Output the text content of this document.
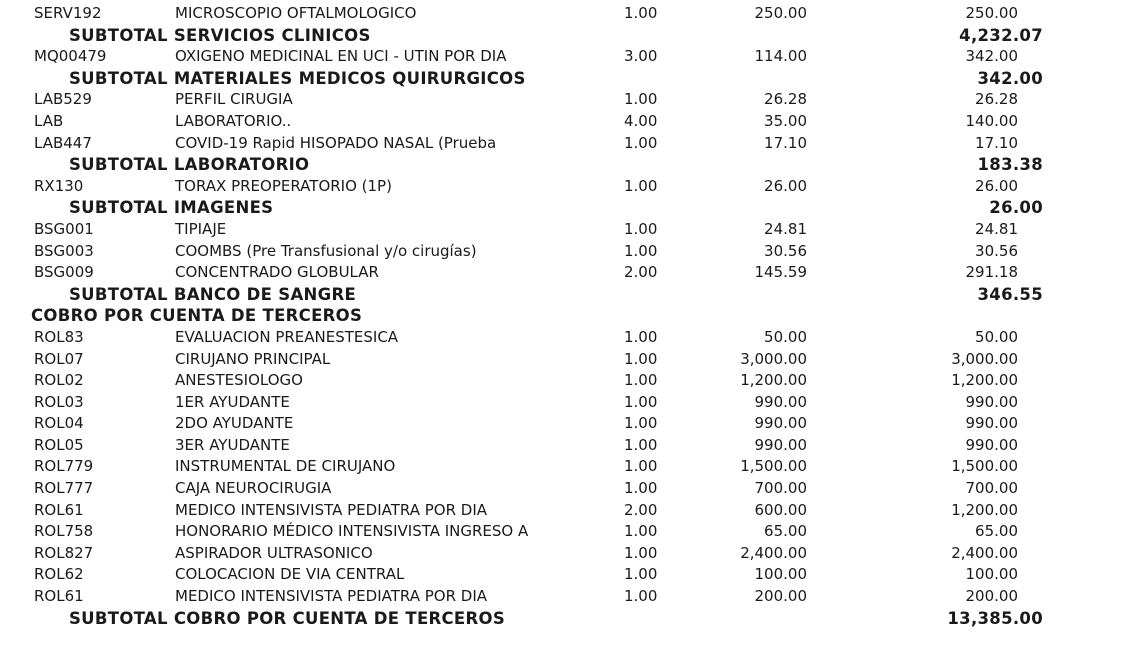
SERV192	MICROSCOPIO OFTALMOLOGICO	1.00	250.00	250.00
SUBTOTAL SERVICIOS CLINICOS	4,232.07
MQ00479	OXIGENO MEDICINAL EN UCI - UTIN POR DIA	3.00	114.00	342.00
SUBTOTAL MATERIALES MEDICOS QUIRURGICOS	342.00
LAB529	PERFIL CIRUGIA	1.00	26.28	26.28
LAB	LABORATORIO..	4.00	35.00	140.00
LAB447	COVID-19 Rapid HISOPADO NASAL (Prueba	1.00	17.10	17.10
SUBTOTAL LABORATORIO	183.38
RX130	TORAX PREOPERATORIO (1P)	1.00	26.00	26.00
SUBTOTAL IMAGENES	26.00
BSG001	TIPIAJE	1.00	24.81	24.81
BSG003	COOMBS (Pre Transfusional y/o cirugías)	1.00	30.56	30.56
BSG009	CONCENTRADO GLOBULAR	2.00	145.59	291.18
SUBTOTAL BANCO DE SANGRE	346.55
COBRO POR CUENTA DE TERCEROS
ROL83	EVALUACION PREANESTESICA	1.00	50.00	50.00
ROL07	CIRUJANO PRINCIPAL	1.00	3,000.00	3,000.00
ROL02	ANESTESIOLOGO	1.00	1,200.00	1,200.00
ROL03	1ER AYUDANTE	1.00	990.00	990.00
ROL04	2DO AYUDANTE	1.00	990.00	990.00
ROL05	3ER AYUDANTE	1.00	990.00	990.00
ROL779	INSTRUMENTAL DE CIRUJANO	1.00	1,500.00	1,500.00
ROL777	CAJA NEUROCIRUGIA	1.00	700.00	700.00
ROL61	MEDICO INTENSIVISTA PEDIATRA POR DIA	2.00	600.00	1,200.00
ROL758	HONORARIO MÉDICO INTENSIVISTA INGRESO A	1.00	65.00	65.00
ROL827	ASPIRADOR ULTRASONICO	1.00	2,400.00	2,400.00
ROL62	COLOCACION DE VIA CENTRAL	1.00	100.00	100.00
ROL61	MEDICO INTENSIVISTA PEDIATRA POR DIA	1.00	200.00	200.00
SUBTOTAL COBRO POR CUENTA DE TERCEROS	13,385.00
